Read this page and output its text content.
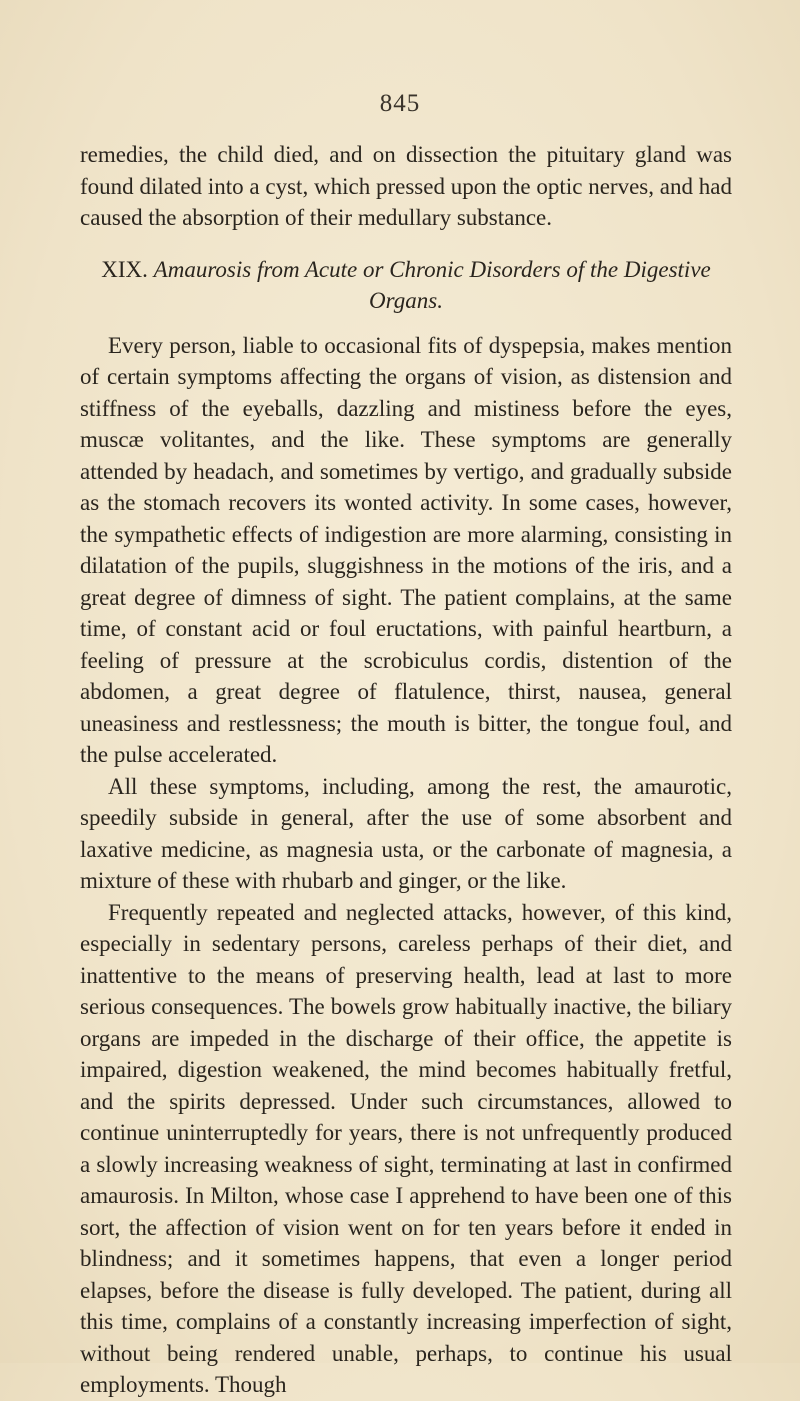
845

remedies, the child died, and on dissection the pituitary gland was found dilated into a cyst, which pressed upon the optic nerves, and had caused the absorption of their medullary substance.

XIX. Amaurosis from Acute or Chronic Disorders of the Digestive Organs.

Every person, liable to occasional fits of dyspepsia, makes mention of certain symptoms affecting the organs of vision, as distension and stiffness of the eyeballs, dazzling and mistiness before the eyes, muscæ volitantes, and the like. These symptoms are generally attended by headach, and sometimes by vertigo, and gradually subside as the stomach recovers its wonted activity. In some cases, however, the sympathetic effects of indigestion are more alarming, consisting in dilatation of the pupils, sluggishness in the motions of the iris, and a great degree of dimness of sight. The patient complains, at the same time, of constant acid or foul eructations, with painful heartburn, a feeling of pressure at the scrobiculus cordis, distention of the abdomen, a great degree of flatulence, thirst, nausea, general uneasiness and restlessness; the mouth is bitter, the tongue foul, and the pulse accelerated.

All these symptoms, including, among the rest, the amaurotic, speedily subside in general, after the use of some absorbent and laxative medicine, as magnesia usta, or the carbonate of magnesia, a mixture of these with rhubarb and ginger, or the like.

Frequently repeated and neglected attacks, however, of this kind, especially in sedentary persons, careless perhaps of their diet, and inattentive to the means of preserving health, lead at last to more serious consequences. The bowels grow habitually inactive, the biliary organs are impeded in the discharge of their office, the appetite is impaired, digestion weakened, the mind becomes habitually fretful, and the spirits depressed. Under such circumstances, allowed to continue uninterruptedly for years, there is not unfrequently produced a slowly increasing weakness of sight, terminating at last in confirmed amaurosis. In Milton, whose case I apprehend to have been one of this sort, the affection of vision went on for ten years before it ended in blindness; and it sometimes happens, that even a longer period elapses, before the disease is fully developed. The patient, during all this time, complains of a constantly increasing imperfection of sight, without being rendered unable, perhaps, to continue his usual employments. Though
